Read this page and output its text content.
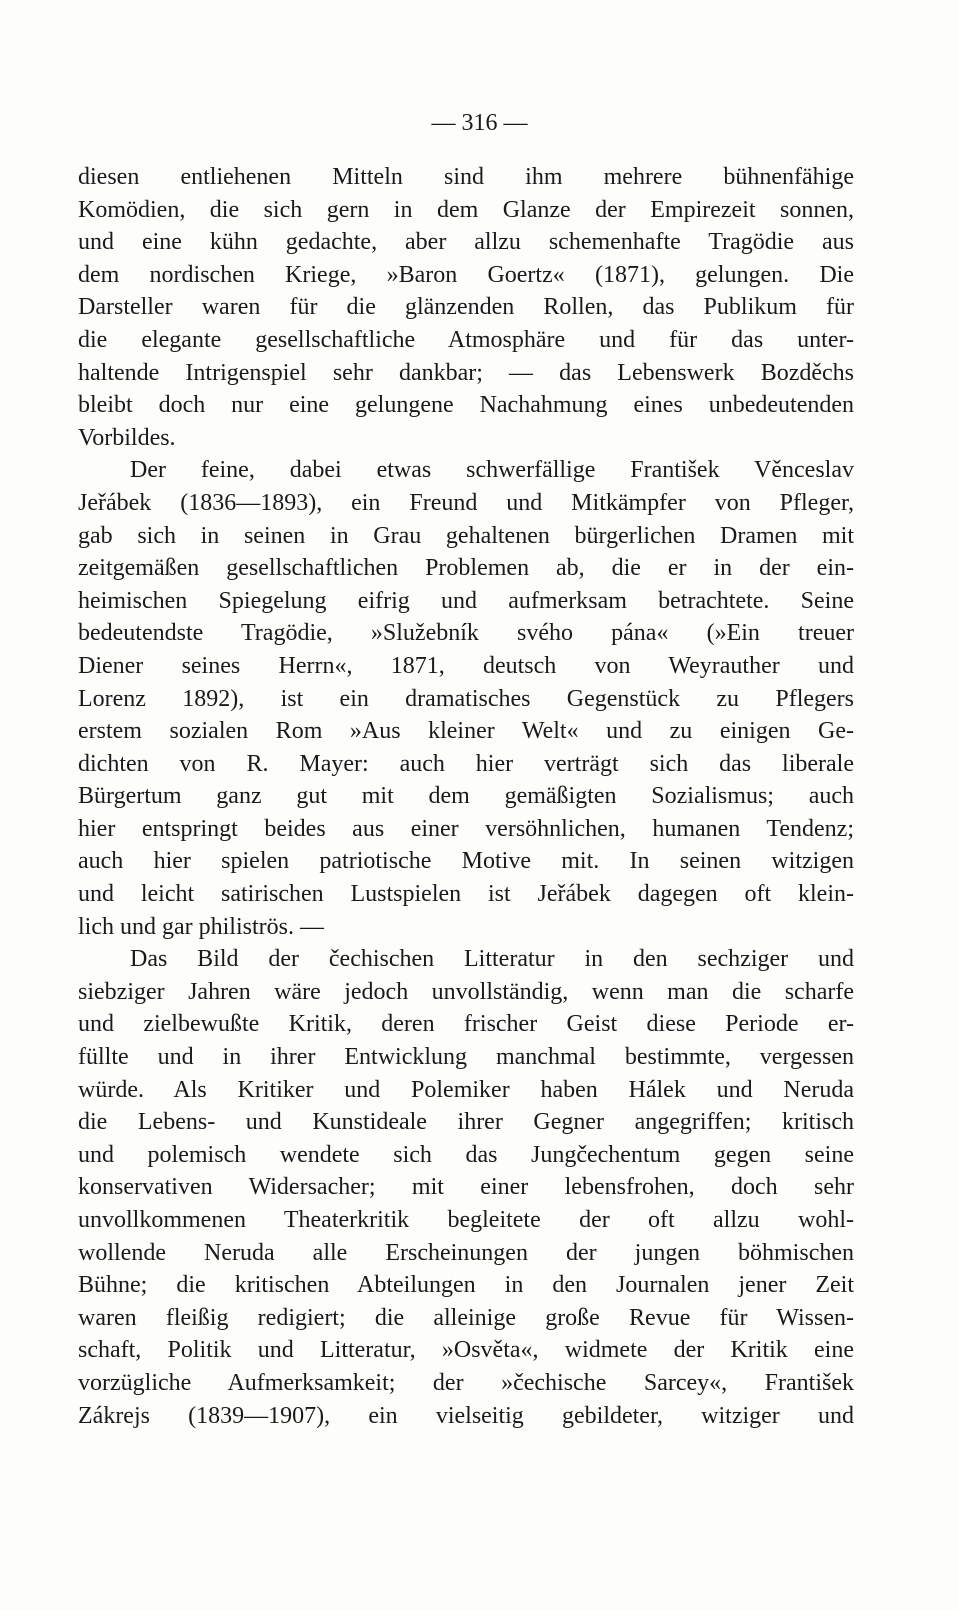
— 316 —
diesen entliehenen Mitteln sind ihm mehrere bühnenfähige
Komödien, die sich gern in dem Glanze der Empirezeit sonnen,
und eine kühn gedachte, aber allzu schemenhafte Tragödie aus
dem nordischen Kriege, »Baron Goertz« (1871), gelungen. Die
Darsteller waren für die glänzenden Rollen, das Publikum für
die elegante gesellschaftliche Atmosphäre und für das unter-
haltende Intrigenspiel sehr dankbar; — das Lebenswerk Bozděchs
bleibt doch nur eine gelungene Nachahmung eines unbedeutenden
Vorbildes.
Der feine, dabei etwas schwerfällige František Věnceslav
Jeřábek (1836—1893), ein Freund und Mitkämpfer von Pfleger,
gab sich in seinen in Grau gehaltenen bürgerlichen Dramen mit
zeitgemäßen gesellschaftlichen Problemen ab, die er in der ein-
heimischen Spiegelung eifrig und aufmerksam betrachtete. Seine
bedeutendste Tragödie, »Služebník svého pána« (»Ein treuer
Diener seines Herrn«, 1871, deutsch von Weyrauther und
Lorenz 1892), ist ein dramatisches Gegenstück zu Pflegers
erstem sozialen Rom »Aus kleiner Welt« und zu einigen Ge-
dichten von R. Mayer: auch hier verträgt sich das liberale
Bürgertum ganz gut mit dem gemäßigten Sozialismus; auch
hier entspringt beides aus einer versöhnlichen, humanen Tendenz;
auch hier spielen patriotische Motive mit. In seinen witzigen
und leicht satirischen Lustspielen ist Jeřábek dagegen oft klein-
lich und gar philiströs. —
Das Bild der čechischen Litteratur in den sechziger und
siebziger Jahren wäre jedoch unvollständig, wenn man die scharfe
und zielbewußte Kritik, deren frischer Geist diese Periode er-
füllte und in ihrer Entwicklung manchmal bestimmte, vergessen
würde. Als Kritiker und Polemiker haben Hálek und Neruda
die Lebens- und Kunstideale ihrer Gegner angegriffen; kritisch
und polemisch wendete sich das Jungčechentum gegen seine
konservativen Widersacher; mit einer lebensfrohen, doch sehr
unvollkommenen Theaterkritik begleitete der oft allzu wohl-
wollende Neruda alle Erscheinungen der jungen böhmischen
Bühne; die kritischen Abteilungen in den Journalen jener Zeit
waren fleißig redigiert; die alleinige große Revue für Wissen-
schaft, Politik und Litteratur, »Osvěta«, widmete der Kritik eine
vorzügliche Aufmerksamkeit; der »čechische Sarcey«, František
Zákrejs (1839—1907), ein vielseitig gebildeter, witziger und
